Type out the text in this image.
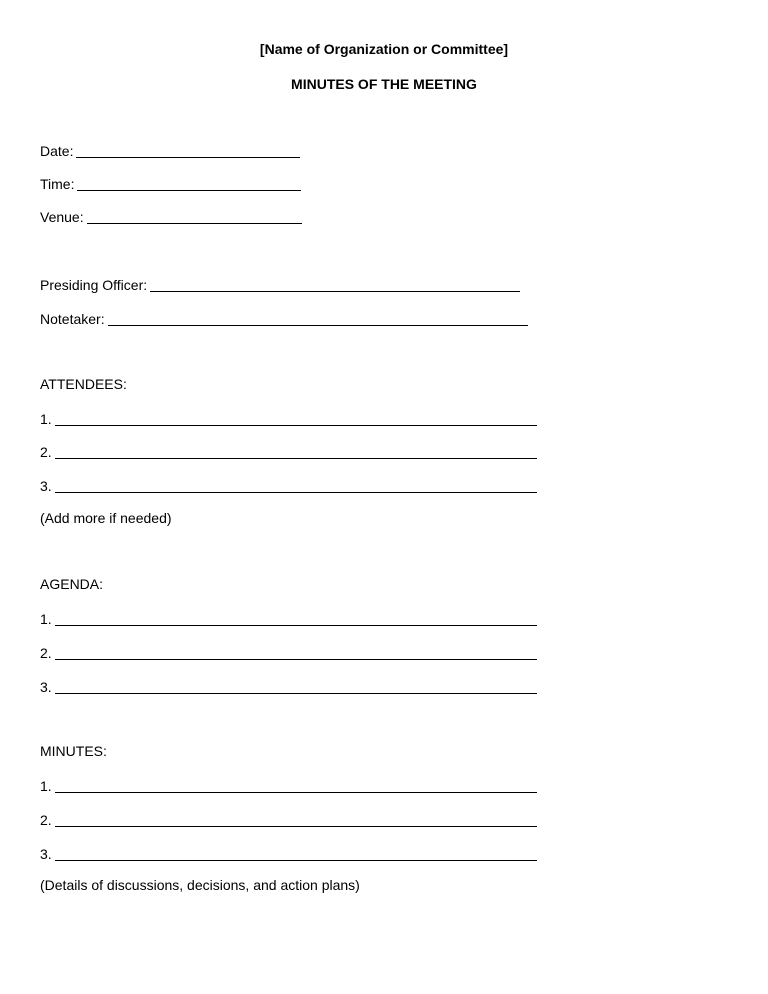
[Name of Organization or Committee]
MINUTES OF THE MEETING
Date:
Time:
Venue:
Presiding Officer:
Notetaker:
ATTENDEES:
1.
2.
3.
(Add more if needed)
AGENDA:
1.
2.
3.
MINUTES:
1.
2.
3.
(Details of discussions, decisions, and action plans)
